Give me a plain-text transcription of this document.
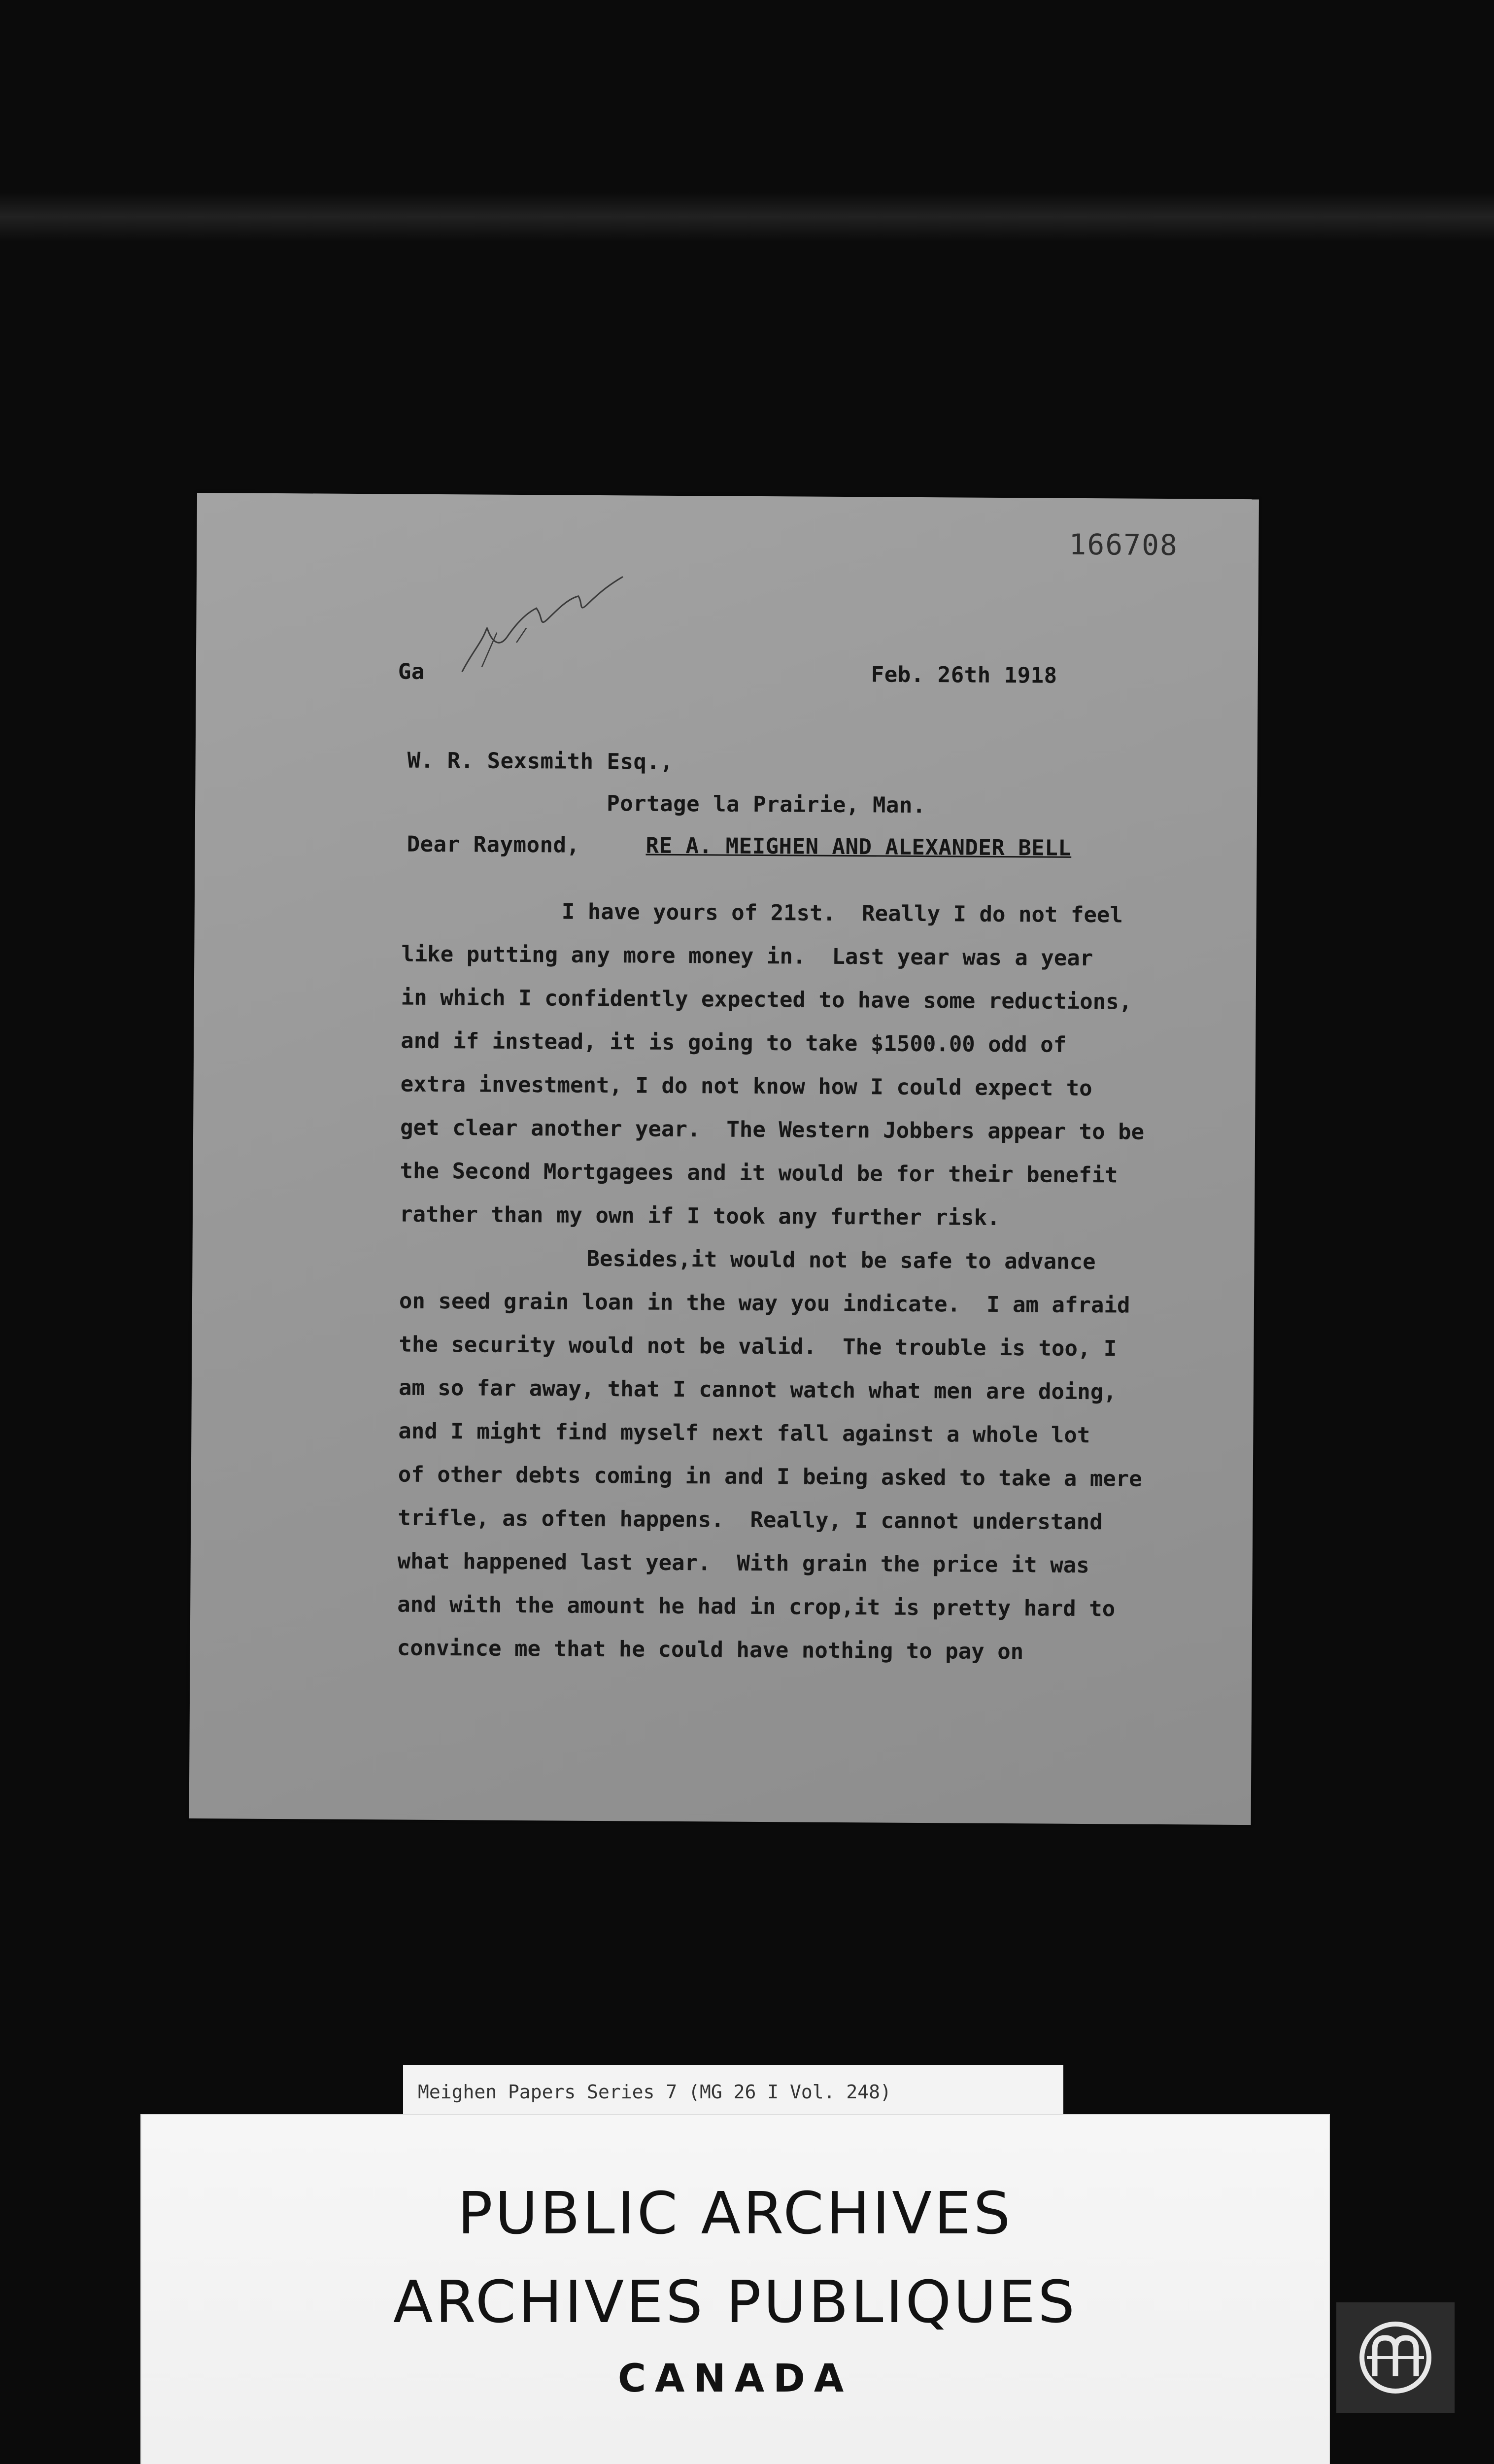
166708
Ga	Feb. 26th 1918
W. R. Sexsmith Esq.,
Portage la Prairie, Man.
Dear Raymond,	RE A. MEIGHEN AND ALEXANDER BELL
I have yours of 21st.  Really I do not feel
like putting any more money in.  Last year was a year
in which I confidently expected to have some reductions,
and if instead, it is going to take $1500.00 odd of
extra investment, I do not know how I could expect to
get clear another year.  The Western Jobbers appear to be
the Second Mortgagees and it would be for their benefit
rather than my own if I took any further risk.
Besides,it would not be safe to advance
on seed grain loan in the way you indicate.  I am afraid
the security would not be valid.  The trouble is too, I
am so far away, that I cannot watch what men are doing,
and I might find myself next fall against a whole lot
of other debts coming in and I being asked to take a mere
trifle, as often happens.  Really, I cannot understand
what happened last year.  With grain the price it was
and with the amount he had in crop,it is pretty hard to
convince me that he could have nothing to pay on
Meighen Papers Series 7 (MG 26 I Vol. 248)
PUBLIC ARCHIVES
ARCHIVES PUBLIQUES
CANADA
